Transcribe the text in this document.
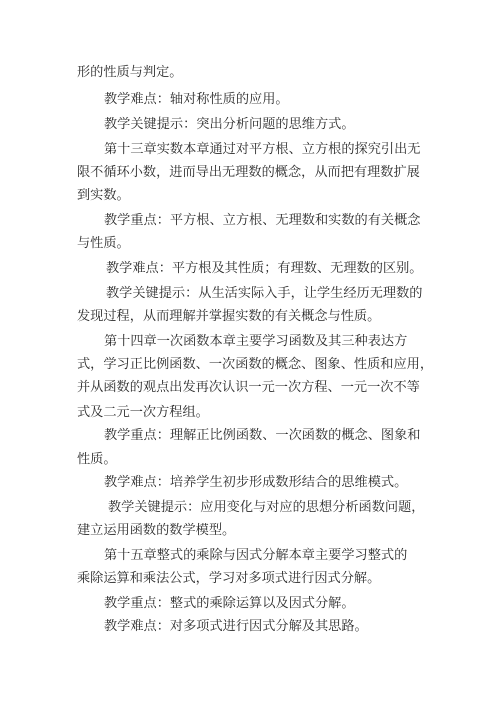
形的性质与判定。
教学难点：轴对称性质的应用。
教学关键提示：突出分析问题的思维方式。
第十三章实数本章通过对平方根、立方根的探究引出无
限不循环小数，进而导出无理数的概念，从而把有理数扩展
到实数。
教学重点：平方根、立方根、无理数和实数的有关概念
与性质。
教学难点：平方根及其性质；有理数、无理数的区别。
教学关键提示：从生活实际入手，让学生经历无理数的
发现过程，从而理解并掌握实数的有关概念与性质。
第十四章一次函数本章主要学习函数及其三种表达方
式，学习正比例函数、一次函数的概念、图象、性质和应用，
并从函数的观点出发再次认识一元一次方程、一元一次不等
式及二元一次方程组。
教学重点：理解正比例函数、一次函数的概念、图象和
性质。
教学难点：培养学生初步形成数形结合的思维模式。
教学关键提示：应用变化与对应的思想分析函数问题，
建立运用函数的数学模型。
第十五章整式的乘除与因式分解本章主要学习整式的
乘除运算和乘法公式，学习对多项式进行因式分解。
教学重点：整式的乘除运算以及因式分解。
教学难点：对多项式进行因式分解及其思路。
